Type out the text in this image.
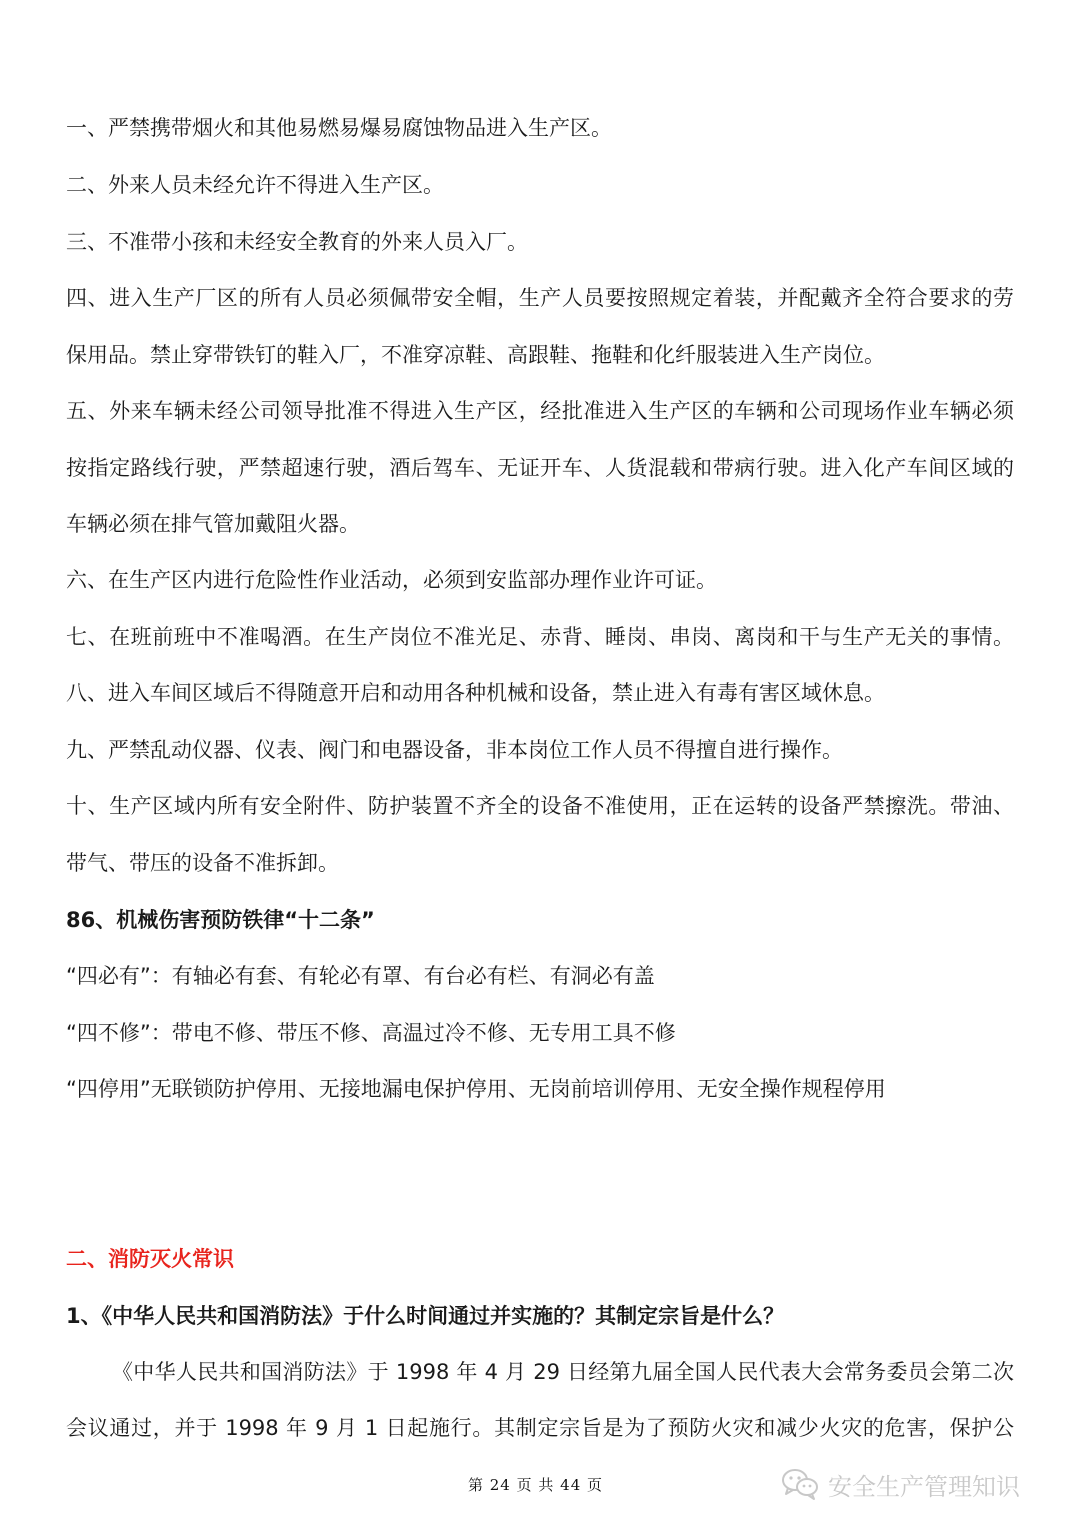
一、严禁携带烟火和其他易燃易爆易腐蚀物品进入生产区。

二、外来人员未经允许不得进入生产区。

三、不准带小孩和未经安全教育的外来人员入厂。

四、进入生产厂区的所有人员必须佩带安全帽，生产人员要按照规定着装，并配戴齐全符合要求的劳

保用品。禁止穿带铁钉的鞋入厂，不准穿凉鞋、高跟鞋、拖鞋和化纤服装进入生产岗位。

五、外来车辆未经公司领导批准不得进入生产区，经批准进入生产区的车辆和公司现场作业车辆必须

按指定路线行驶，严禁超速行驶，酒后驾车、无证开车、人货混载和带病行驶。进入化产车间区域的

车辆必须在排气管加戴阻火器。

六、在生产区内进行危险性作业活动，必须到安监部办理作业许可证。

七、在班前班中不准喝酒。在生产岗位不准光足、赤背、睡岗、串岗、离岗和干与生产无关的事情。

八、进入车间区域后不得随意开启和动用各种机械和设备，禁止进入有毒有害区域休息。

九、严禁乱动仪器、仪表、阀门和电器设备，非本岗位工作人员不得擅自进行操作。

十、生产区域内所有安全附件、防护装置不齐全的设备不准使用，正在运转的设备严禁擦洗。带油、

带气、带压的设备不准拆卸。

86、机械伤害预防铁律“十二条”

“四必有”：有轴必有套、有轮必有罩、有台必有栏、有洞必有盖

“四不修”：带电不修、带压不修、高温过冷不修、无专用工具不修

“四停用”无联锁防护停用、无接地漏电保护停用、无岗前培训停用、无安全操作规程停用

二、消防灭火常识

1、《中华人民共和国消防法》于什么时间通过并实施的？其制定宗旨是什么？

《中华人民共和国消防法》于 1998 年 4 月 29 日经第九届全国人民代表大会常务委员会第二次

会议通过，并于 1998 年 9 月 1 日起施行。其制定宗旨是为了预防火灾和减少火灾的危害，保护公

第 24 页 共 44 页	安全生产管理知识
